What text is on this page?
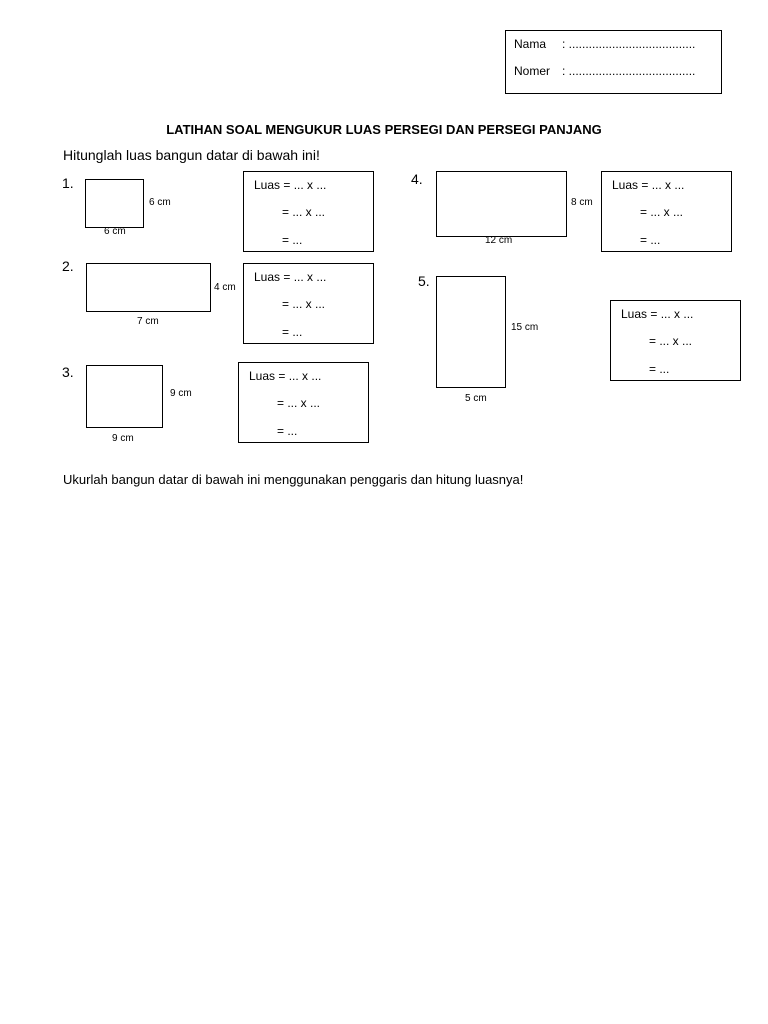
Nama : ......................................
Nomer : ......................................
LATIHAN SOAL MENGUKUR LUAS PERSEGI DAN PERSEGI PANJANG
Hitunglah luas bangun datar di bawah ini!
1.
6 cm
6 cm
Luas = ... x ...
= ... x ...
= ...
2.
4 cm
7 cm
Luas = ... x ...
= ... x ...
= ...
3.
9 cm
9 cm
Luas = ... x ...
= ... x ...
= ...
4.
8 cm
12 cm
Luas = ... x ...
= ... x ...
= ...
5.
15 cm
5 cm
Luas = ... x ...
= ... x ...
= ...
Ukurlah bangun datar di bawah ini menggunakan penggaris dan hitung luasnya!
